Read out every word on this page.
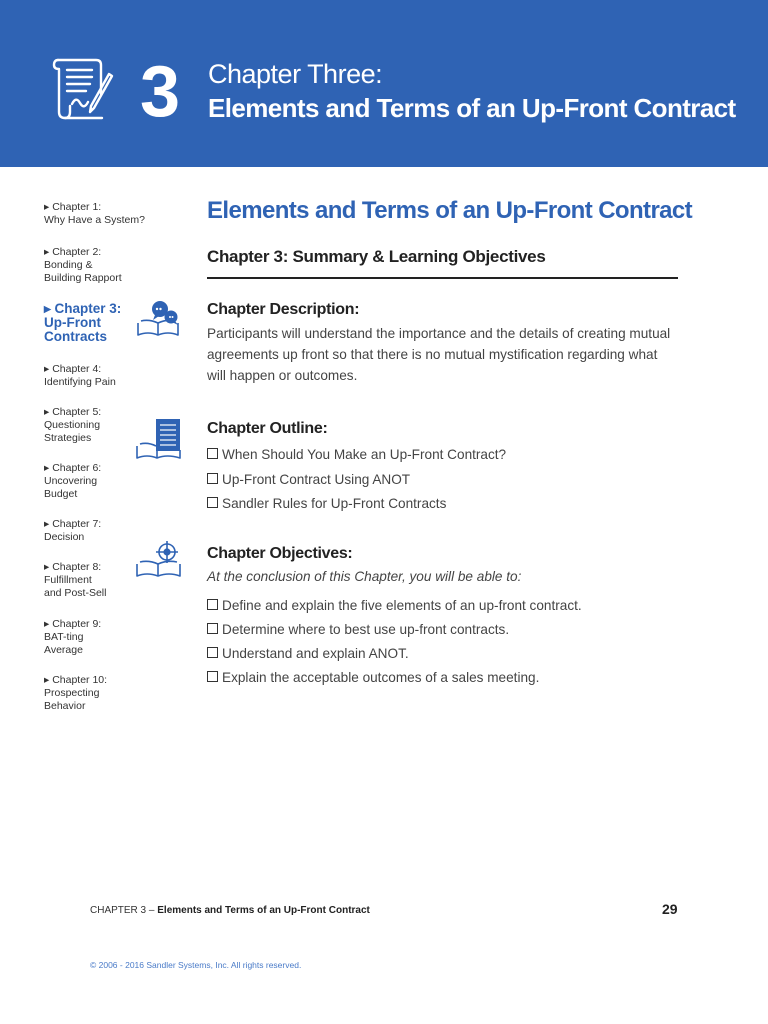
3 Chapter Three:
Elements and Terms of an Up-Front Contract
▸ Chapter 1:
Why Have a System?
▸ Chapter 2:
Bonding &
Building Rapport
▸ Chapter 3:
Up-Front
Contracts
▸ Chapter 4:
Identifying Pain
▸ Chapter 5:
Questioning
Strategies
▸ Chapter 6:
Uncovering
Budget
▸ Chapter 7:
Decision
▸ Chapter 8:
Fulfillment
and Post-Sell
▸ Chapter 9:
BAT-ting
Average
▸ Chapter 10:
Prospecting
Behavior
Elements and Terms of an Up-Front Contract
Chapter 3: Summary & Learning Objectives
Chapter Description:
Participants will understand the importance and the details of creating mutual agreements up front so that there is no mutual mystification regarding what will happen or outcomes.
Chapter Outline:
When Should You Make an Up-Front Contract?
Up-Front Contract Using ANOT
Sandler Rules for Up-Front Contracts
Chapter Objectives:
At the conclusion of this Chapter, you will be able to:
Define and explain the five elements of an up-front contract.
Determine where to best use up-front contracts.
Understand and explain ANOT.
Explain the acceptable outcomes of a sales meeting.
CHAPTER 3 – Elements and Terms of an Up-Front Contract	29
© 2006 - 2016 Sandler Systems, Inc. All rights reserved.
